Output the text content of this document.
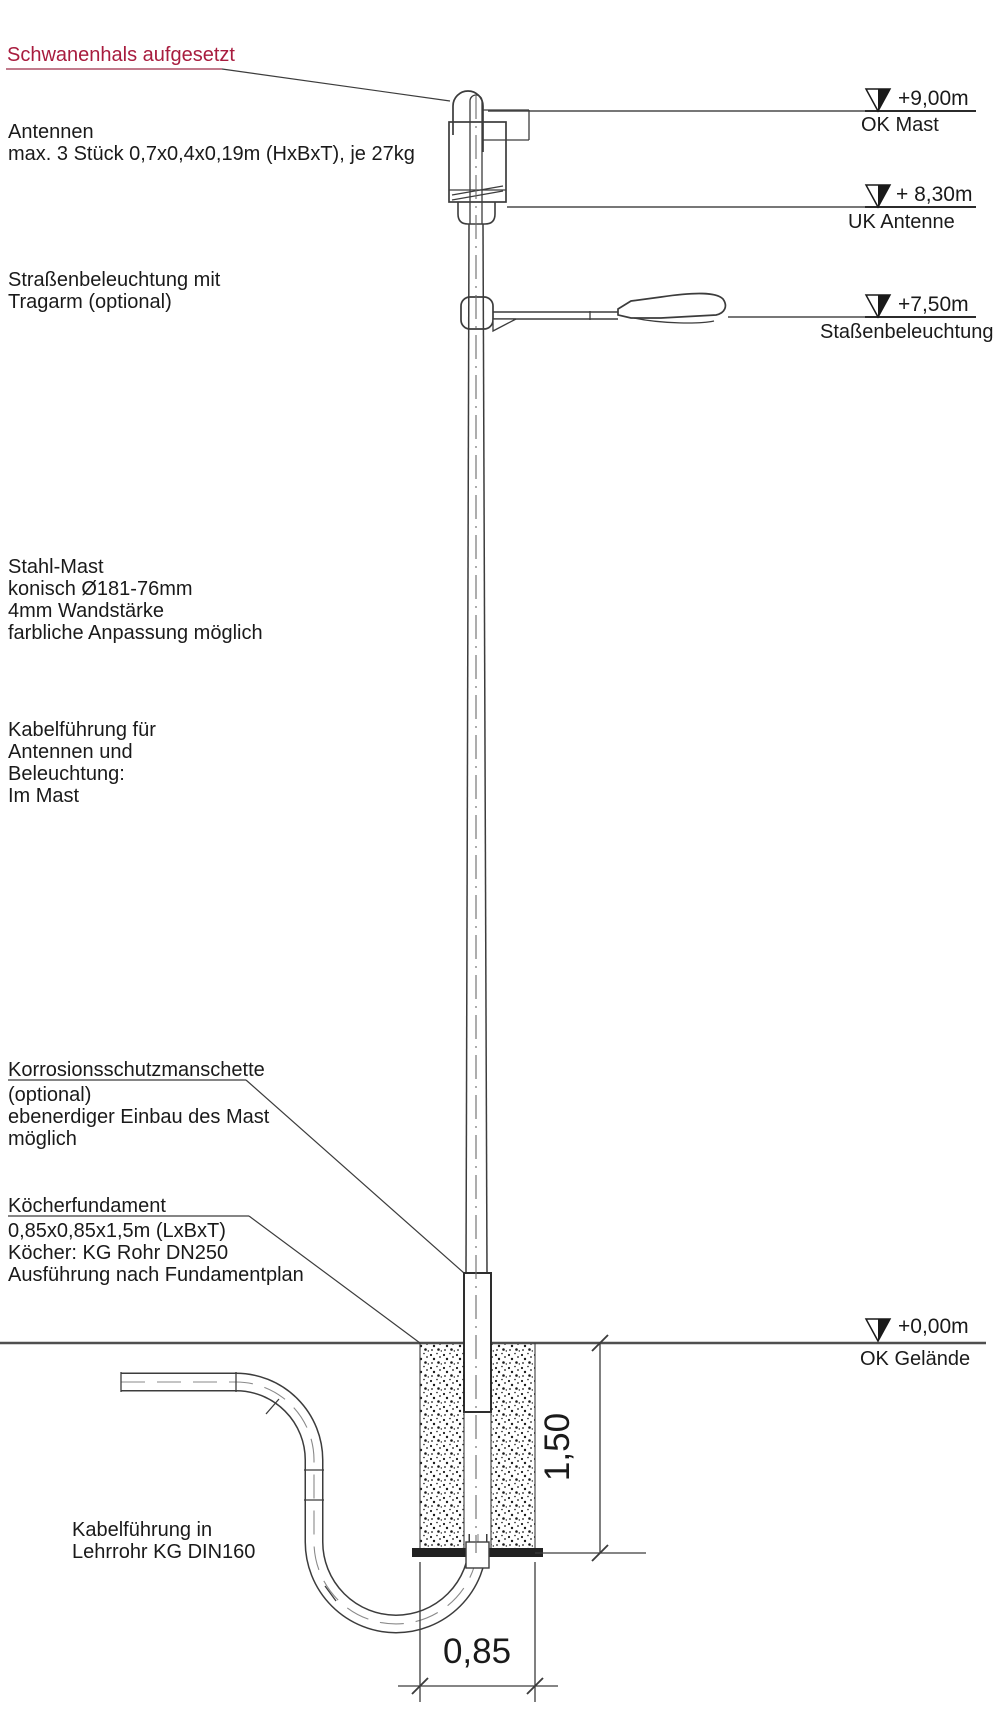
Schwanenhals aufgesetzt
Antennen
max. 3 Stück 0,7x0,4x0,19m (HxBxT), je 27kg
Straßenbeleuchtung mit
Tragarm (optional)
Stahl-Mast
konisch Ø181-76mm
4mm Wandstärke
farbliche Anpassung möglich
Kabelführung für
Antennen und
Beleuchtung:
Im Mast
Korrosionsschutzmanschette
(optional)
ebenerdiger Einbau des Mast
möglich
Köcherfundament
0,85x0,85x1,5m (LxBxT)
Köcher: KG Rohr DN250
Ausführung nach Fundamentplan
Kabelführung in
Lehrrohr KG DIN160
+9,00m
OK Mast
+ 8,30m
UK Antenne
+7,50m
Staßenbeleuchtung
+0,00m
OK Gelände
1,50
0,85
